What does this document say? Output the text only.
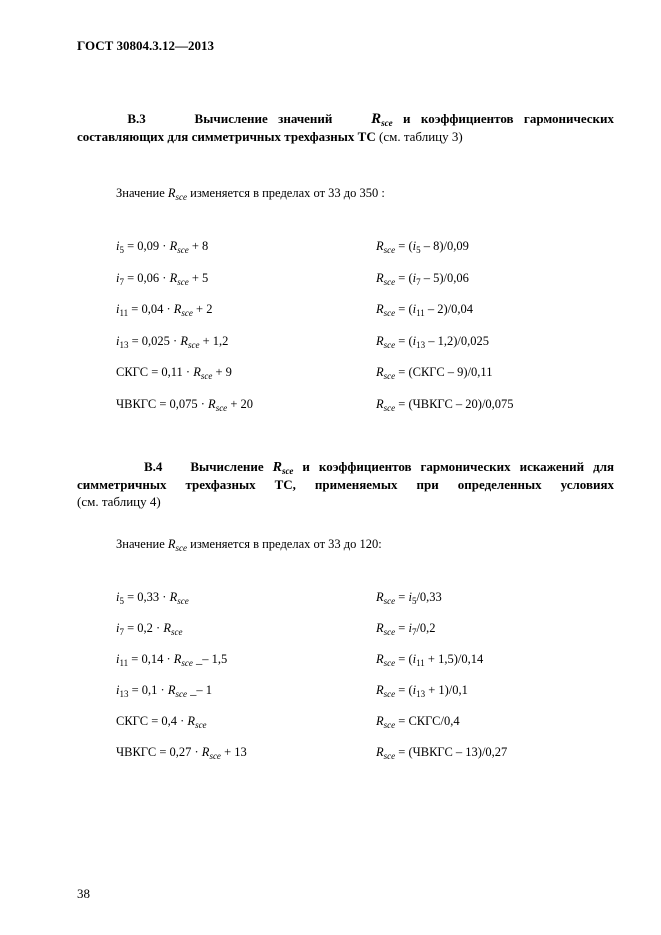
ГОСТ 30804.3.12—2013
В.3	Вычисление значений	$R_{sce}$ и коэффициентов гармонических
составляющих для симметричных трехфазных ТС (см. таблицу 3)
Значение $R_{sce}$ изменяется в пределах от 33 до 350 :
$i_5 = 0,09 \cdot R_{sce} + 8$	$R_{sce} = (i_5 - 8)/0,09$
$i_7 = 0,06 \cdot R_{sce} + 5$	$R_{sce} = (i_7 - 5)/0,06$
$i_{11} = 0,04 \cdot R_{sce} + 2$	$R_{sce} = (i_{11} - 2)/0,04$
$i_{13} = 0,025 \cdot R_{sce} + 1,2$	$R_{sce} = (i_{13} - 1,2)/0,025$
СКГС = $0,11 \cdot R_{sce} + 9$	$R_{sce}$ = (СКГС – 9)/0,11
ЧВКГС = $0,075 \cdot R_{sce} + 20$	$R_{sce}$ = (ЧВКГС – 20)/0,075
В.4 Вычисление $R_{sce}$ и коэффициентов гармонических искажений для
симметричных трехфазных ТС, применяемых при определенных условиях
(см. таблицу 4)
Значение $R_{sce}$ изменяется в пределах от 33 до 120:
$i_5 = 0,33 \cdot R_{sce}$	$R_{sce} = i_5/0,33$
$i_7 = 0,2 \cdot R_{sce}$	$R_{sce} = i_7/0,2$
$i_{11} = 0,14 \cdot R_{sce}$ _– 1,5	$R_{sce} = (i_{11} + 1,5)/0,14$
$i_{13} = 0,1 \cdot R_{sce}$ _– 1	$R_{sce} = (i_{13} + 1)/0,1$
СКГС = $0,4 \cdot R_{sce}$	$R_{sce}$ = СКГС/0,4
ЧВКГС = $0,27 \cdot R_{sce} + 13$	$R_{sce}$ = (ЧВКГС – 13)/0,27
38
